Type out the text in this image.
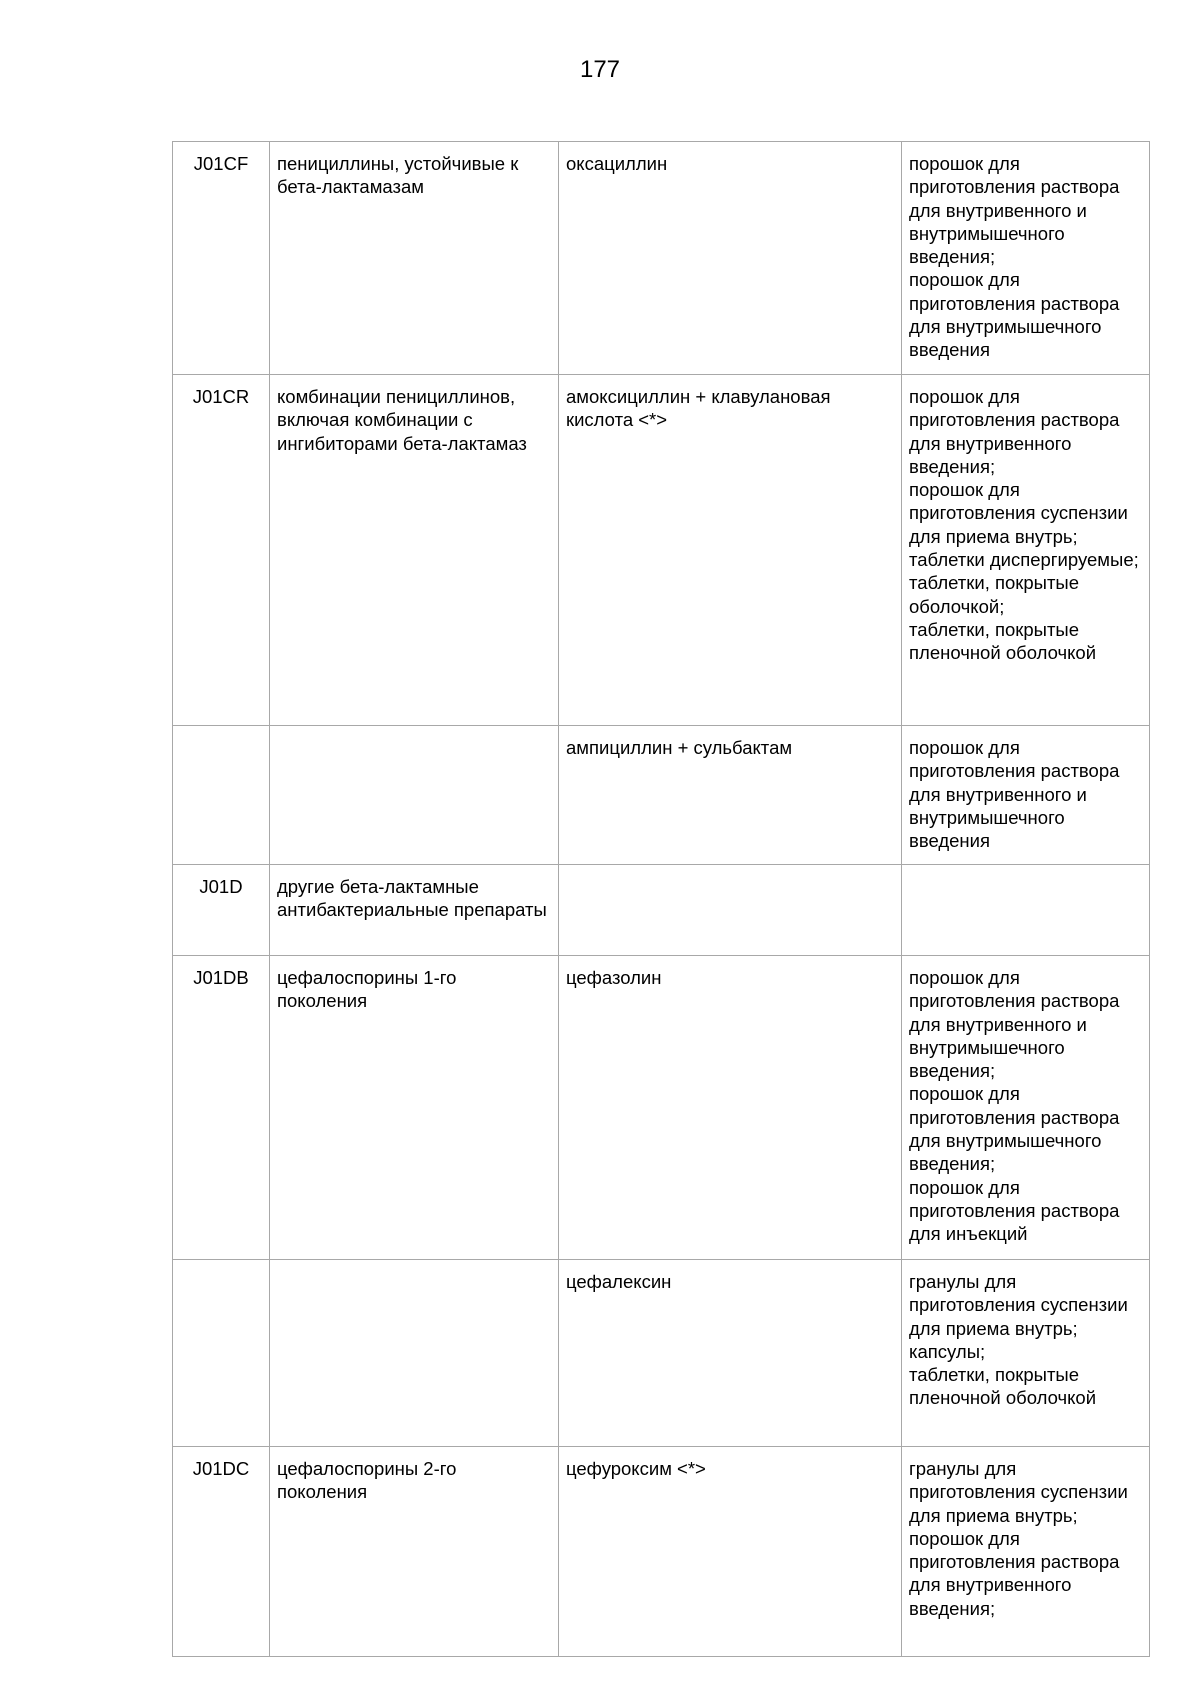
177
J01CF	пенициллины, устойчивые к бета-лактамазам	оксациллин	порошок для приготовления раствора для внутривенного и внутримышечного введения;
порошок для приготовления раствора для внутримышечного введения
J01CR	комбинации пенициллинов, включая комбинации с ингибиторами бета-лактамаз	амоксициллин + клавулановая кислота <*>	порошок для приготовления раствора для внутривенного введения;
порошок для приготовления суспензии для приема внутрь;
таблетки диспергируемые;
таблетки, покрытые оболочкой;
таблетки, покрытые пленочной оболочкой
		ампициллин + сульбактам	порошок для приготовления раствора для внутривенного и внутримышечного введения
J01D	другие бета-лактамные антибактериальные препараты		
J01DB	цефалоспорины 1-го поколения	цефазолин	порошок для приготовления раствора для внутривенного и внутримышечного введения;
порошок для приготовления раствора для внутримышечного введения;
порошок для приготовления раствора для инъекций
		цефалексин	гранулы для приготовления суспензии для приема внутрь;
капсулы;
таблетки, покрытые пленочной оболочкой
J01DC	цефалоспорины 2-го поколения	цефуроксим <*>	гранулы для приготовления суспензии для приема внутрь;
порошок для приготовления раствора для внутривенного введения;
